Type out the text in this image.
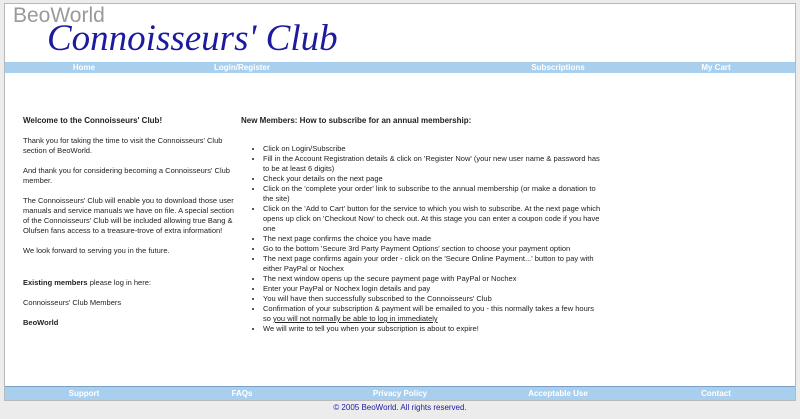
BeoWorld
Connoisseurs' Club
Home	Login/Register	Subscriptions	My Cart

Welcome to the Connoisseurs' Club!

Thank you for taking the time to visit the Connoisseurs' Club section of BeoWorld.

And thank you for considering becoming a Connoisseurs' Club member.

The Connoisseurs' Club will enable you to download those user manuals and service manuals we have on file. A special section of the Connoisseurs' Club will be included allowing true Bang & Olufsen fans access to a treasure-trove of extra information!

We look forward to serving you in the future.

Existing members please log in here:

Connoisseurs' Club Members

BeoWorld

New Members: How to subscribe for an annual membership:

• Click on Login/Subscribe
• Fill in the Account Registration details & click on 'Register Now' (your new user name & password has to be at least 6 digits)
• Check your details on the next page
• Click on the 'complete your order' link to subscribe to the annual membership (or make a donation to the site)
• Click on the 'Add to Cart' button for the service to which you wish to subscribe. At the next page which opens up click on 'Checkout Now' to check out. At this stage you can enter a coupon code if you have one
• The next page confirms the choice you have made
• Go to the bottom 'Secure 3rd Party Payment Options' section to choose your payment option
• The next page confirms again your order - click on the 'Secure Online Payment...' button to pay with either PayPal or Nochex
• The next window opens up the secure payment page with PayPal or Nochex
• Enter your PayPal or Nochex login details and pay
• You will have then successfully subscribed to the Connoisseurs' Club
• Confirmation of your subscription & payment will be emailed to you - this normally takes a few hours so you will not normally be able to log in immediately
• We will write to tell you when your subscription is about to expire!
Support	FAQs	Privacy Policy	Acceptable Use	Contact
© 2005 BeoWorld. All rights reserved.
